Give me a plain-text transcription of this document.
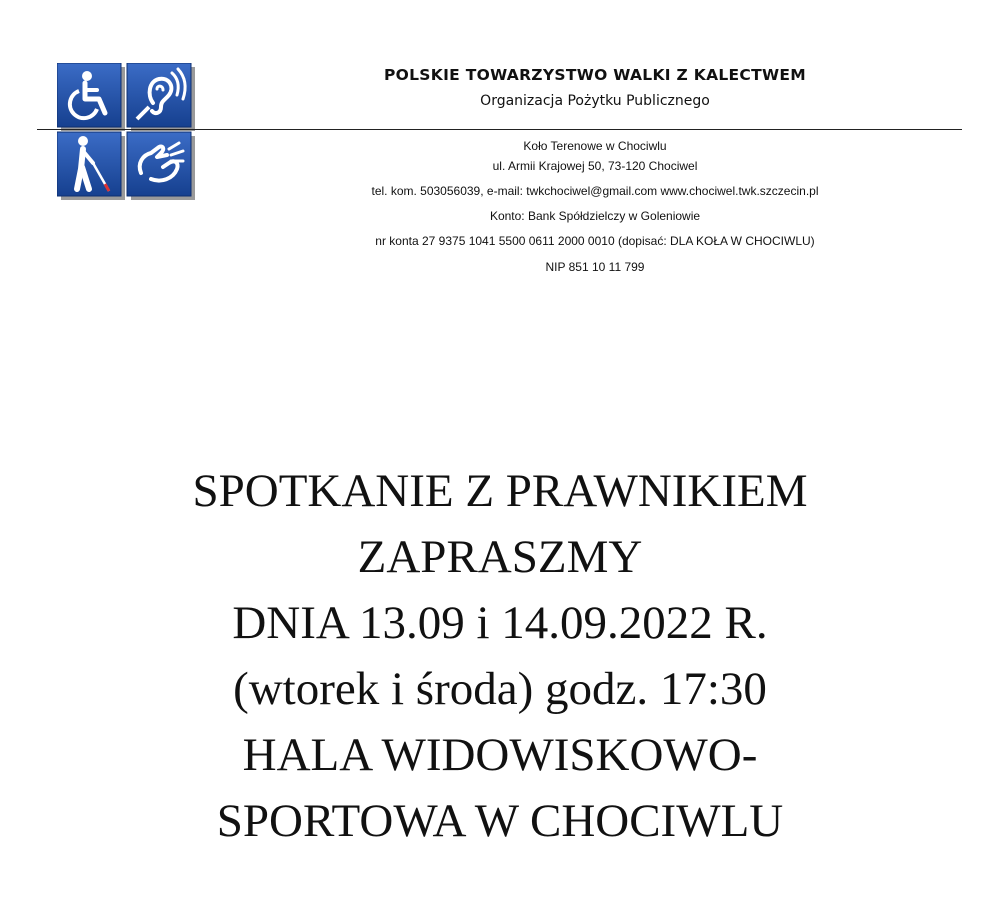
POLSKIE TOWARZYSTWO WALKI Z KALECTWEM
Organizacja Pożytku Publicznego
Koło Terenowe w Chociwlu
ul. Armii Krajowej 50, 73-120 Chociwel
tel. kom. 503056039, e-mail: twkchociwel@gmail.com www.chociwel.twk.szczecin.pl
Konto: Bank Spółdzielczy w Goleniowie
nr konta 27 9375 1041 5500 0611 2000 0010 (dopisać: DLA KOŁA W CHOCIWLU)
NIP 851 10 11 799
SPOTKANIE Z PRAWNIKIEM
ZAPRASZMY
DNIA 13.09 i 14.09.2022 R.
(wtorek i środa) godz. 17:30
HALA WIDOWISKOWO-
SPORTOWA W CHOCIWLU
